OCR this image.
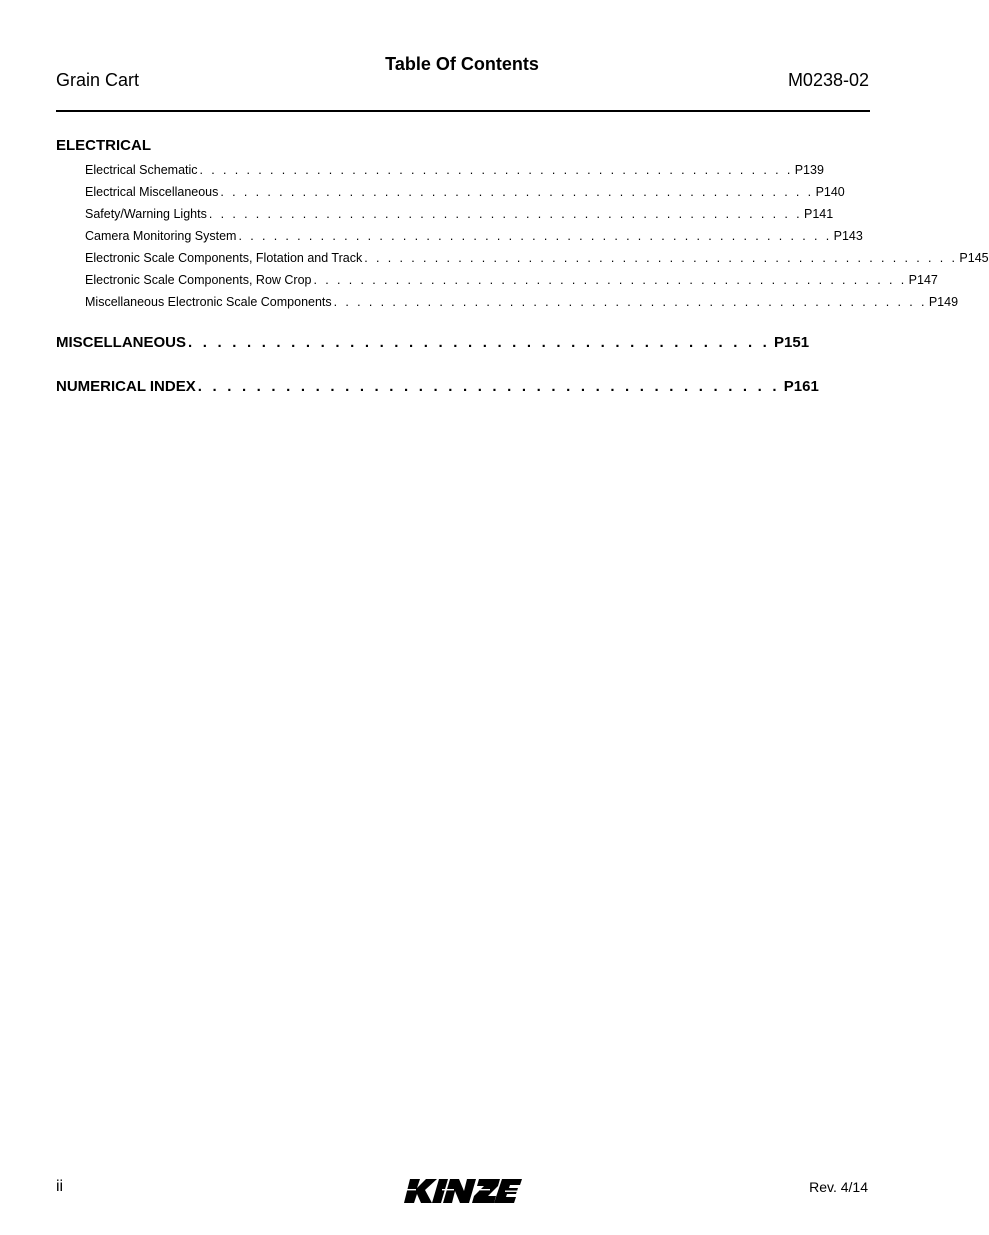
Table Of Contents
Grain Cart	M0238-02
ELECTRICAL
Electrical Schematic . . . . . . . . . . . . . . . . . . . . . . . . . . . . . . . . . . . . . . . . . . . . . . . . . . . P139
Electrical Miscellaneous . . . . . . . . . . . . . . . . . . . . . . . . . . . . . . . . . . . . . . . . . . . . . . . . . . . P140
Safety/Warning Lights . . . . . . . . . . . . . . . . . . . . . . . . . . . . . . . . . . . . . . . . . . . . . . . . . . . P141
Camera Monitoring System . . . . . . . . . . . . . . . . . . . . . . . . . . . . . . . . . . . . . . . . . . . . . . . . . . . P143
Electronic Scale Components, Flotation and Track . . . . . . . . . . . . . . . . . . . . . . . . . . . . . . . . . . . . . . . . . . . . . . . . . . . P145
Electronic Scale Components, Row Crop . . . . . . . . . . . . . . . . . . . . . . . . . . . . . . . . . . . . . . . . . . . . . . . . . . . P147
Miscellaneous Electronic Scale Components . . . . . . . . . . . . . . . . . . . . . . . . . . . . . . . . . . . . . . . . . . . . . . . . . . . P149
MISCELLANEOUS . . . . . . . . . . . . . . . . . . . . . . . . . . . . . . . . . . . . . . . . P151
NUMERICAL INDEX . . . . . . . . . . . . . . . . . . . . . . . . . . . . . . . . . . . . . . . . P161
ii	Rev. 4/14
